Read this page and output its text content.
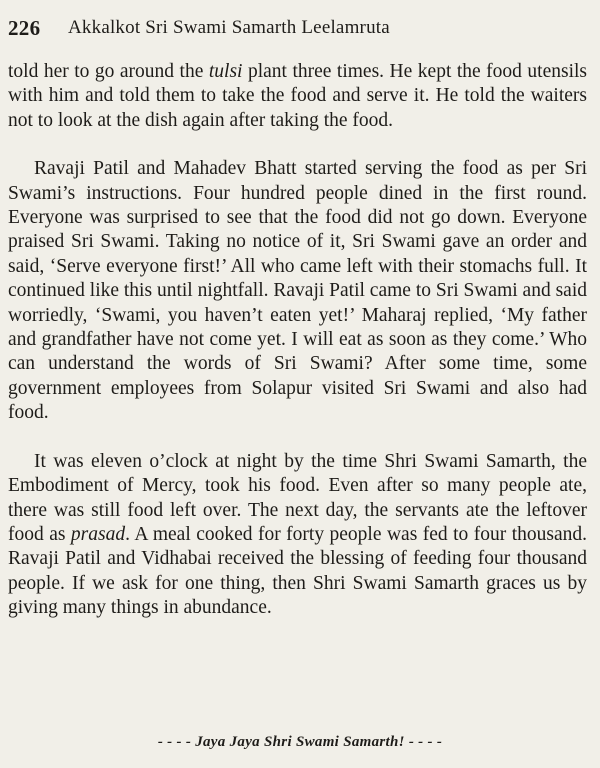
226 Akkalkot Sri Swami Samarth Leelamruta

told her to go around the tulsi plant three times. He kept the food utensils with him and told them to take the food and serve it. He told the waiters not to look at the dish again after taking the food.

Ravaji Patil and Mahadev Bhatt started serving the food as per Sri Swami’s instructions. Four hundred people dined in the first round. Everyone was surprised to see that the food did not go down. Everyone praised Sri Swami. Taking no notice of it, Sri Swami gave an order and said, ‘Serve everyone first!’ All who came left with their stomachs full. It continued like this until nightfall. Ravaji Patil came to Sri Swami and said worriedly, ‘Swami, you haven’t eaten yet!’ Maharaj replied, ‘My father and grandfather have not come yet. I will eat as soon as they come.’ Who can understand the words of Sri Swami? After some time, some government employees from Solapur visited Sri Swami and also had food.

It was eleven o’clock at night by the time Shri Swami Samarth, the Embodiment of Mercy, took his food. Even after so many people ate, there was still food left over. The next day, the servants ate the leftover food as prasad. A meal cooked for forty people was fed to four thousand. Ravaji Patil and Vidhabai received the blessing of feeding four thousand people. If we ask for one thing, then Shri Swami Samarth graces us by giving many things in abundance.

- - - - Jaya Jaya Shri Swami Samarth! - - - -
